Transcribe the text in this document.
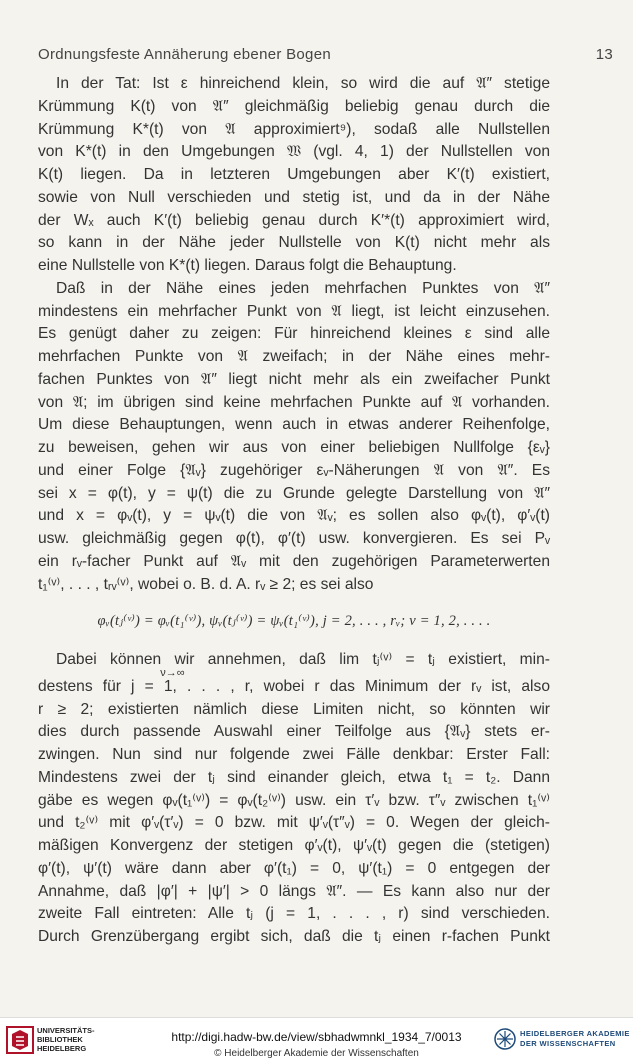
Ordnungsfeste Annäherung ebener Bogen	13

In der Tat: Ist ε hinreichend klein, so wird die auf 𝔄″ stetige

Krümmung K(t) von 𝔄″ gleichmäßig beliebig genau durch die

Krümmung K*(t) von 𝔄 approximiert⁹), sodaß alle Nullstellen

von K*(t) in den Umgebungen 𝔚 (vgl. 4, 1) der Nullstellen von

K(t) liegen. Da in letzteren Umgebungen aber K′(t) existiert,

sowie von Null verschieden und stetig ist, und da in der Nähe

der Wₓ auch K′(t) beliebig genau durch K′*(t) approximiert wird,

so kann in der Nähe jeder Nullstelle von K(t) nicht mehr als

eine Nullstelle von K*(t) liegen. Daraus folgt die Behauptung.

Daß in der Nähe eines jeden mehrfachen Punktes von 𝔄″

mindestens ein mehrfacher Punkt von 𝔄 liegt, ist leicht einzusehen.

Es genügt daher zu zeigen: Für hinreichend kleines ε sind alle

mehrfachen Punkte von 𝔄 zweifach; in der Nähe eines mehr-

fachen Punktes von 𝔄″ liegt nicht mehr als ein zweifacher Punkt

von 𝔄; im übrigen sind keine mehrfachen Punkte auf 𝔄 vorhanden.

Um diese Behauptungen, wenn auch in etwas anderer Reihenfolge,

zu beweisen, gehen wir aus von einer beliebigen Nullfolge {εᵥ}

und einer Folge {𝔄ᵥ} zugehöriger εᵥ-Näherungen 𝔄 von 𝔄″. Es

sei x = φ(t), y = ψ(t) die zu Grunde gelegte Darstellung von 𝔄″

und x = φᵥ(t), y = ψᵥ(t) die von 𝔄ᵥ; es sollen also φᵥ(t), φ′ᵥ(t)

usw. gleichmäßig gegen φ(t), φ′(t) usw. konvergieren. Es sei Pᵥ

ein rᵥ-facher Punkt auf 𝔄ᵥ mit den zugehörigen Parameterwerten

t₁⁽ᵛ⁾, . . . , tᵣᵥ⁽ᵛ⁾, wobei o. B. d. A. rᵥ ≥ 2; es sei also

φᵥ(tⱼ⁽ᵛ⁾) = φᵥ(t₁⁽ᵛ⁾), ψᵥ(tⱼ⁽ᵛ⁾) = ψᵥ(t₁⁽ᵛ⁾), j = 2, . . . , rᵥ; ν = 1, 2, . . . .

Dabei können wir annehmen, daß lim tⱼ⁽ᵛ⁾ = tⱼ existiert, min-

ν→∞

destens für j = 1, . . . , r, wobei r das Minimum der rᵥ ist, also

r ≥ 2; existierten nämlich diese Limiten nicht, so könnten wir

dies durch passende Auswahl einer Teilfolge aus {𝔄ᵥ} stets er-

zwingen. Nun sind nur folgende zwei Fälle denkbar: Erster Fall:

Mindestens zwei der tⱼ sind einander gleich, etwa t₁ = t₂. Dann

gäbe es wegen φᵥ(t₁⁽ᵛ⁾) = φᵥ(t₂⁽ᵛ⁾) usw. ein τ′ᵥ bzw. τ″ᵥ zwischen t₁⁽ᵛ⁾

und t₂⁽ᵛ⁾ mit φ′ᵥ(τ′ᵥ) = 0 bzw. mit ψ′ᵥ(τ″ᵥ) = 0. Wegen der gleich-

mäßigen Konvergenz der stetigen φ′ᵥ(t), ψ′ᵥ(t) gegen die (stetigen)

φ′(t), ψ′(t) wäre dann aber φ′(t₁) = 0, ψ′(t₁) = 0 entgegen der

Annahme, daß |φ′| + |ψ′| > 0 längs 𝔄″. — Es kann also nur der

zweite Fall eintreten: Alle tⱼ (j = 1, . . . , r) sind verschieden.

Durch Grenzübergang ergibt sich, daß die tⱼ einen r-fachen Punkt

UNIVERSITÄTS-
BIBLIOTHEK
HEIDELBERG
http://digi.hadw-bw.de/view/sbhadwmnkl_1934_7/0013
© Heidelberger Akademie der Wissenschaften
HEIDELBERGER AKADEMIE
DER WISSENSCHAFTEN
